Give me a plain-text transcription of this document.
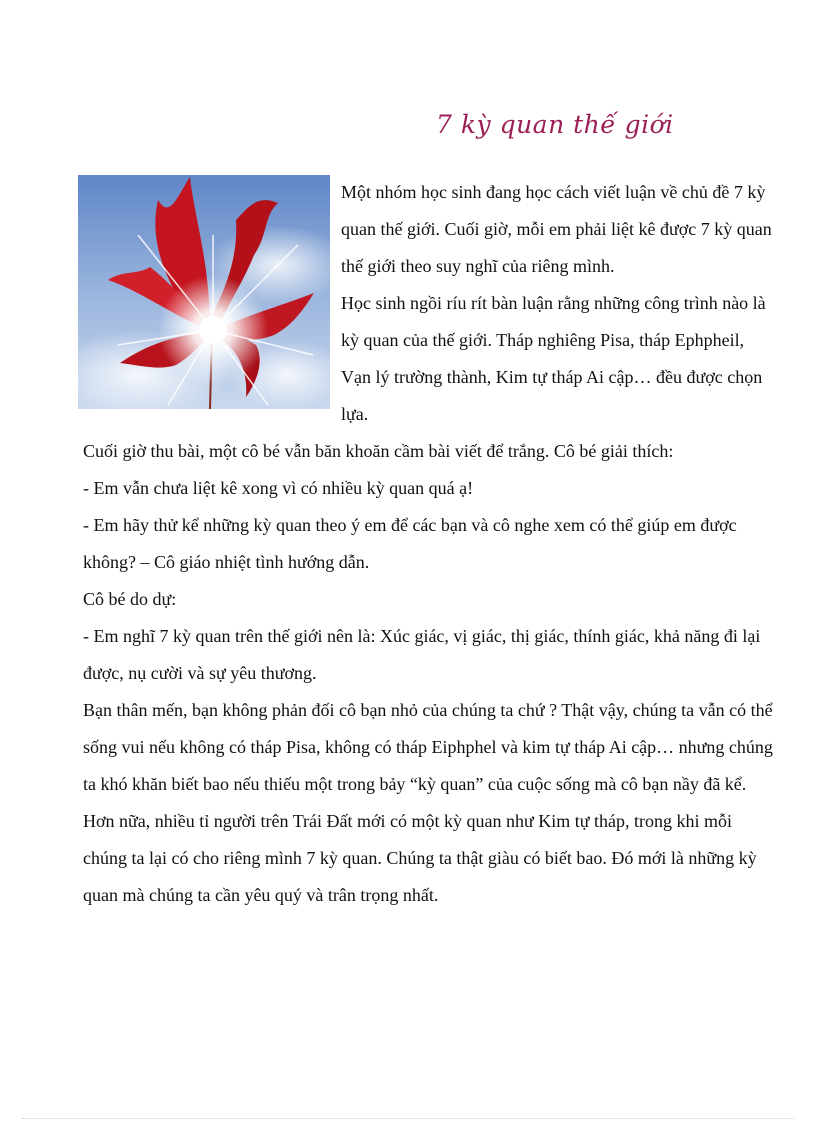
7 kỳ quan thế giới

Một nhóm học sinh đang học cách viết luận về chủ đề 7 kỳ quan thế giới. Cuối giờ, mỗi em phải liệt kê được 7 kỳ quan thế giới theo suy nghĩ của riêng mình.

Học sinh ngồi ríu rít bàn luận rằng những công trình nào là kỳ quan của thế giới. Tháp nghiêng Pisa, tháp Ephpheil, Vạn lý trường thành, Kim tự tháp Ai cập… đều được chọn lựa.

Cuối giờ thu bài, một cô bé vẫn băn khoăn cầm bài viết để trắng. Cô bé giải thích:

- Em vẫn chưa liệt kê xong vì có nhiều kỳ quan quá ạ!

- Em hãy thử kể những kỳ quan theo ý em để các bạn và cô nghe xem có thể giúp em được không? – Cô giáo nhiệt tình hướng dẫn.

Cô bé do dự:

- Em nghĩ 7 kỳ quan trên thế giới nên là: Xúc giác, vị giác, thị giác, thính giác, khả năng đi lại được, nụ cười và sự yêu thương.

Bạn thân mến, bạn không phản đối cô bạn nhỏ của chúng ta chứ ? Thật vậy, chúng ta vẫn có thể sống vui nếu không có tháp Pisa, không có tháp Eiphphel và kim tự tháp Ai cập… nhưng chúng ta khó khăn biết bao nếu thiếu một trong bảy “kỳ quan” của cuộc sống mà cô bạn nầy đã kể. Hơn nữa, nhiều tỉ người trên Trái Đất mới có một kỳ quan như Kim tự tháp, trong khi mỗi chúng ta lại có cho riêng mình 7 kỳ quan. Chúng ta thật giàu có biết bao. Đó mới là những kỳ quan mà chúng ta cần yêu quý và trân trọng nhất.
